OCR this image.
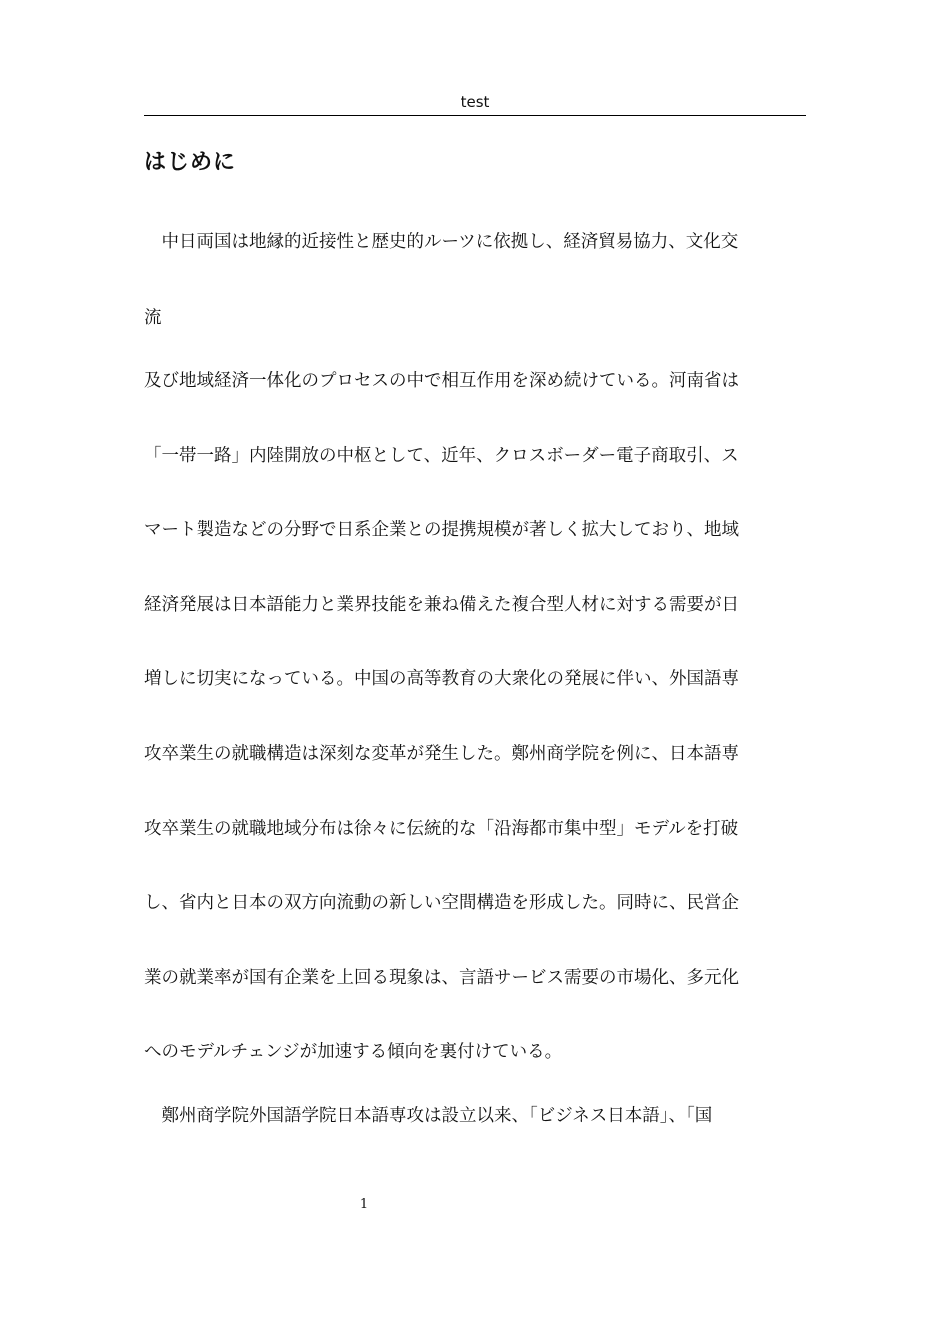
test
はじめに
　中日両国は地縁的近接性と歴史的ルーツに依拠し、経済貿易協力、文化交
流
及び地域経済一体化のプロセスの中で相互作用を深め続けている。河南省は
「一帯一路」内陸開放の中枢として、近年、クロスボーダー電子商取引、ス
マート製造などの分野で日系企業との提携規模が著しく拡大しており、地域
経済発展は日本語能力と業界技能を兼ね備えた複合型人材に対する需要が日
増しに切実になっている。中国の高等教育の大衆化の発展に伴い、外国語専
攻卒業生の就職構造は深刻な変革が発生した。鄭州商学院を例に、日本語専
攻卒業生の就職地域分布は徐々に伝統的な「沿海都市集中型」モデルを打破
し、省内と日本の双方向流動の新しい空間構造を形成した。同時に、民営企
業の就業率が国有企業を上回る現象は、言語サービス需要の市場化、多元化
へのモデルチェンジが加速する傾向を裏付けている。
　鄭州商学院外国語学院日本語専攻は設立以来、「ビジネス日本語」、「国
1
